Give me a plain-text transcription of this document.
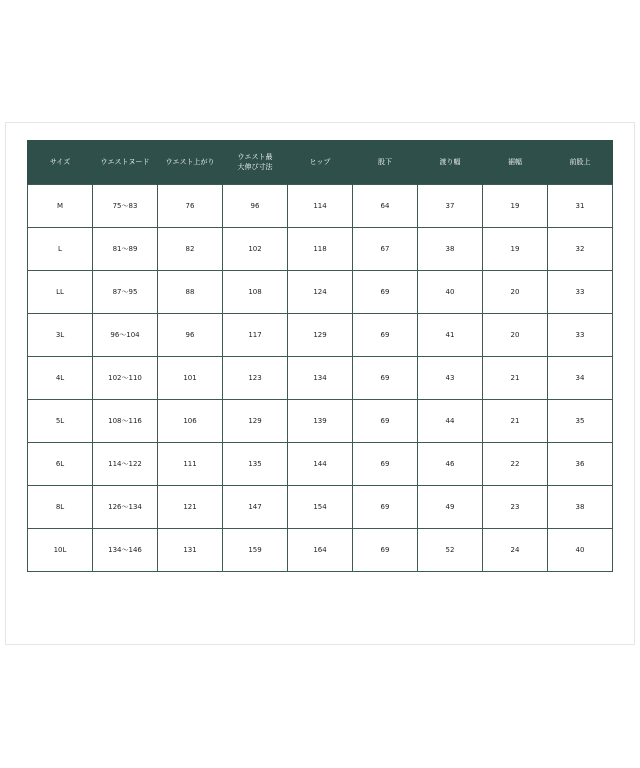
サイズ	ウエストヌード	ウエスト上がり	ウエスト最
大伸び寸法	ヒップ	股下	渡り幅	裾幅	前股上

M	75〜83	76	96	114	64	37	19	31
L	81〜89	82	102	118	67	38	19	32
LL	87〜95	88	108	124	69	40	20	33
3L	96〜104	96	117	129	69	41	20	33
4L	102〜110	101	123	134	69	43	21	34
5L	108〜116	106	129	139	69	44	21	35
6L	114〜122	111	135	144	69	46	22	36
8L	126〜134	121	147	154	69	49	23	38
10L	134〜146	131	159	164	69	52	24	40
